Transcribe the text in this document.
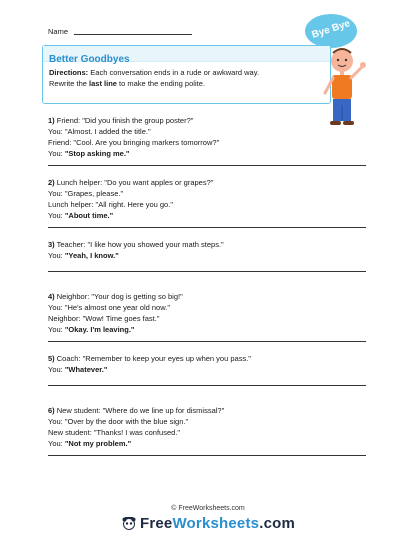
Name	Bye Bye
Better Goodbyes
Directions: Each conversation ends in a rude or awkward way.
Rewrite the last line to make the ending polite.
1) Friend: "Did you finish the group poster?"
You: "Almost. I added the title."
Friend: "Cool. Are you bringing markers tomorrow?"
You: "Stop asking me."
2) Lunch helper: "Do you want apples or grapes?"
You: "Grapes, please."
Lunch helper: "All right. Here you go."
You: "About time."
3) Teacher: "I like how you showed your math steps."
You: "Yeah, I know."
4) Neighbor: "Your dog is getting so big!"
You: "He's almost one year old now."
Neighbor: "Wow! Time goes fast."
You: "Okay. I'm leaving."
5) Coach: "Remember to keep your eyes up when you pass."
You: "Whatever."
6) New student: "Where do we line up for dismissal?"
You: "Over by the door with the blue sign."
New student: "Thanks! I was confused."
You: "Not my problem."
© FreeWorksheets.com
FreeWorksheets.com
